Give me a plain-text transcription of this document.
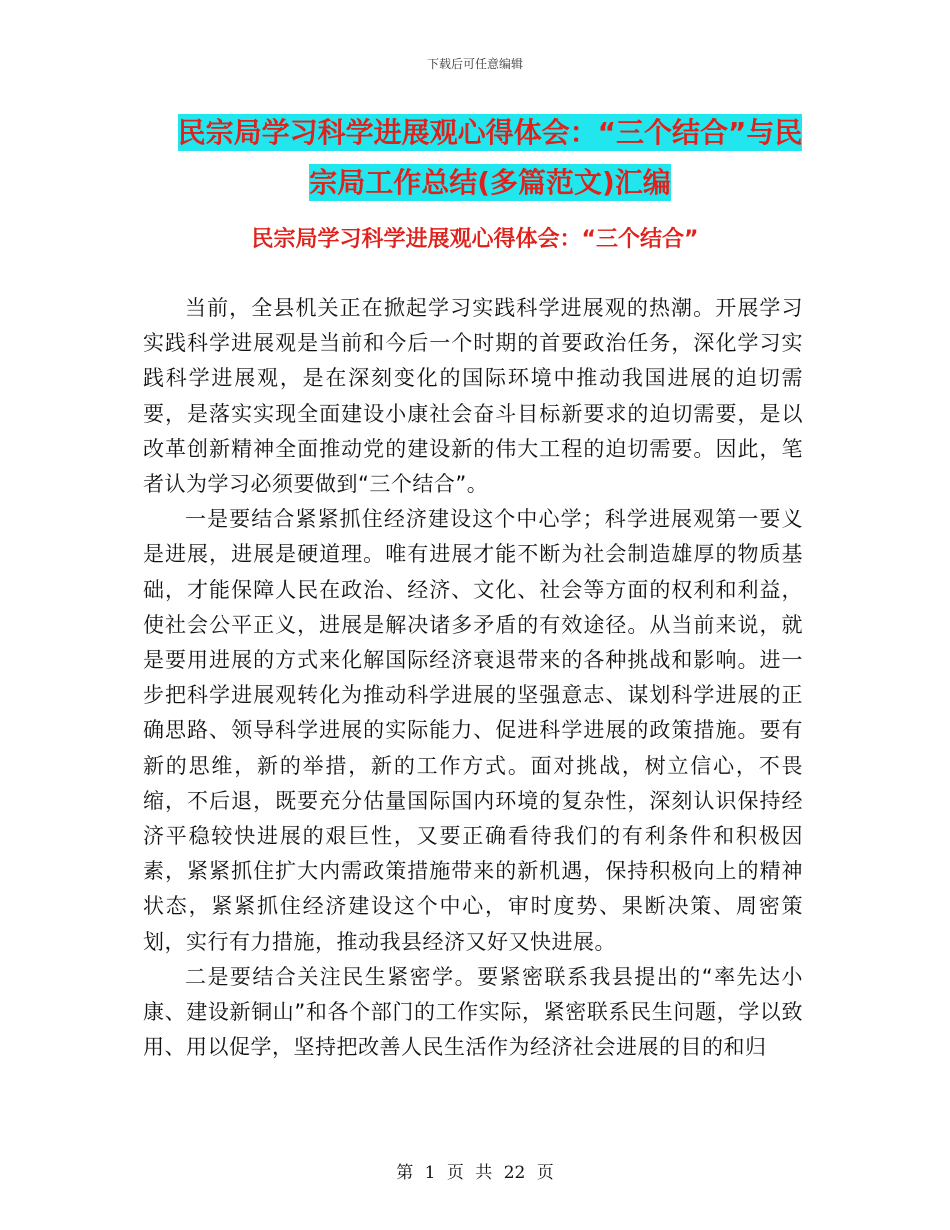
下载后可任意编辑
民宗局学习科学进展观心得体会：“三个结合”与民
宗局工作总结(多篇范文)汇编
民宗局学习科学进展观心得体会：“三个结合”

当前，全县机关正在掀起学习实践科学进展观的热潮。开展学习实践科学进展观是当前和今后一个时期的首要政治任务，深化学习实践科学进展观，是在深刻变化的国际环境中推动我国进展的迫切需要，是落实实现全面建设小康社会奋斗目标新要求的迫切需要，是以改革创新精神全面推动党的建设新的伟大工程的迫切需要。因此，笔者认为学习必须要做到“三个结合”。

一是要结合紧紧抓住经济建设这个中心学；科学进展观第一要义是进展，进展是硬道理。唯有进展才能不断为社会制造雄厚的物质基础，才能保障人民在政治、经济、文化、社会等方面的权利和利益，使社会公平正义，进展是解决诸多矛盾的有效途径。从当前来说，就是要用进展的方式来化解国际经济衰退带来的各种挑战和影响。进一步把科学进展观转化为推动科学进展的坚强意志、谋划科学进展的正确思路、领导科学进展的实际能力、促进科学进展的政策措施。要有新的思维，新的举措，新的工作方式。面对挑战，树立信心，不畏缩，不后退，既要充分估量国际国内环境的复杂性，深刻认识保持经济平稳较快进展的艰巨性，又要正确看待我们的有利条件和积极因素，紧紧抓住扩大内需政策措施带来的新机遇，保持积极向上的精神状态，紧紧抓住经济建设这个中心，审时度势、果断决策、周密策划，实行有力措施，推动我县经济又好又快进展。

二是要结合关注民生紧密学。要紧密联系我县提出的“率先达小康、建设新铜山”和各个部门的工作实际，紧密联系民生问题，学以致用、用以促学，坚持把改善人民生活作为经济社会进展的目的和归

第 1 页 共 22 页
